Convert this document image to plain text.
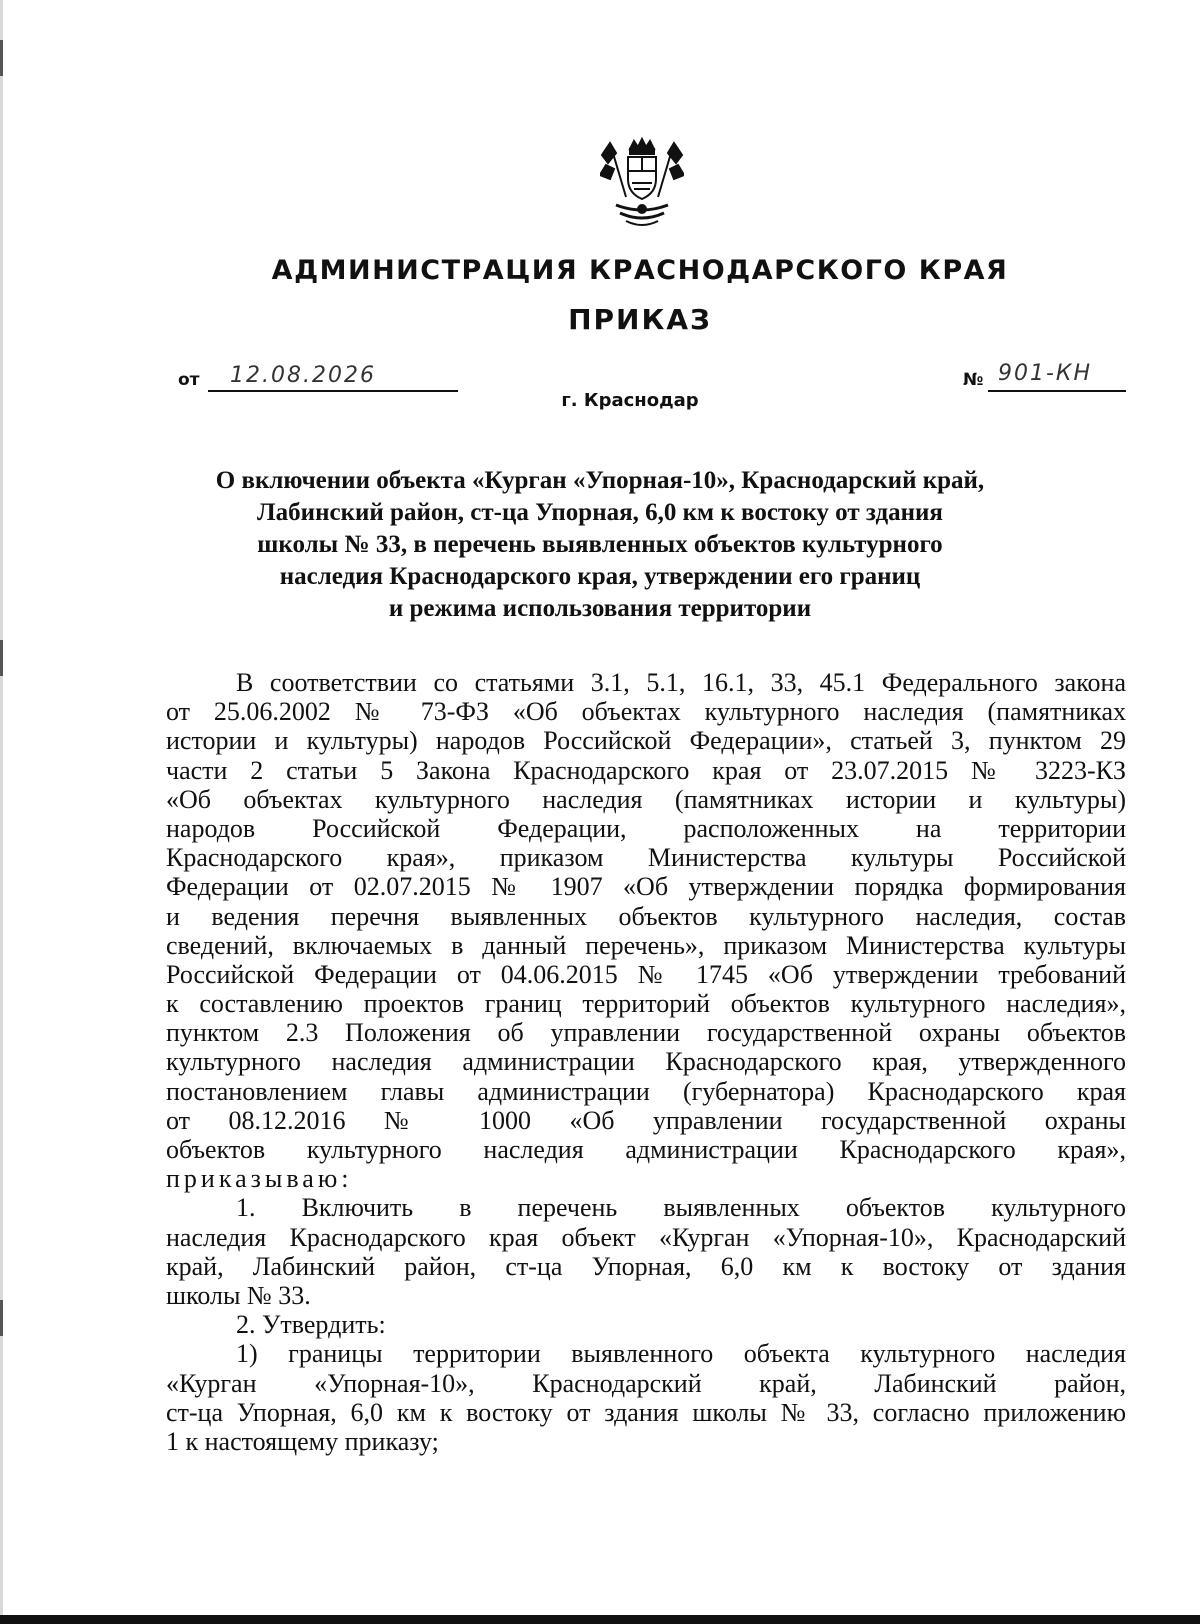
АДМИНИСТРАЦИЯ КРАСНОДАРСКОГО КРАЯ
ПРИКАЗ
от 12.08.2026
г. Краснодар
№ 901-КН
О включении объекта «Курган «Упорная-10», Краснодарский край,
Лабинский район, ст-ца Упорная, 6,0 км к востоку от здания
школы № 33, в перечень выявленных объектов культурного
наследия Краснодарского края, утверждении его границ
и режима использования территории
В соответствии со статьями 3.1, 5.1, 16.1, 33, 45.1 Федерального закона
от 25.06.2002 № 73-ФЗ «Об объектах культурного наследия (памятниках
истории и культуры) народов Российской Федерации», статьей 3, пунктом 29
части 2 статьи 5 Закона Краснодарского края от 23.07.2015 № 3223-КЗ
«Об объектах культурного наследия (памятниках истории и культуры)
народов Российской Федерации, расположенных на территории
Краснодарского края», приказом Министерства культуры Российской
Федерации от 02.07.2015 № 1907 «Об утверждении порядка формирования
и ведения перечня выявленных объектов культурного наследия, состав
сведений, включаемых в данный перечень», приказом Министерства культуры
Российской Федерации от 04.06.2015 № 1745 «Об утверждении требований
к составлению проектов границ территорий объектов культурного наследия»,
пунктом 2.3 Положения об управлении государственной охраны объектов
культурного наследия администрации Краснодарского края, утвержденного
постановлением главы администрации (губернатора) Краснодарского края
от 08.12.2016 № 1000 «Об управлении государственной охраны
объектов культурного наследия администрации Краснодарского края»,
приказываю:
1. Включить в перечень выявленных объектов культурного
наследия Краснодарского края объект «Курган «Упорная-10», Краснодарский
край, Лабинский район, ст-ца Упорная, 6,0 км к востоку от здания
школы № 33.
2. Утвердить:
1) границы территории выявленного объекта культурного наследия
«Курган «Упорная-10», Краснодарский край, Лабинский район,
ст-ца Упорная, 6,0 км к востоку от здания школы № 33, согласно приложению
1 к настоящему приказу;
